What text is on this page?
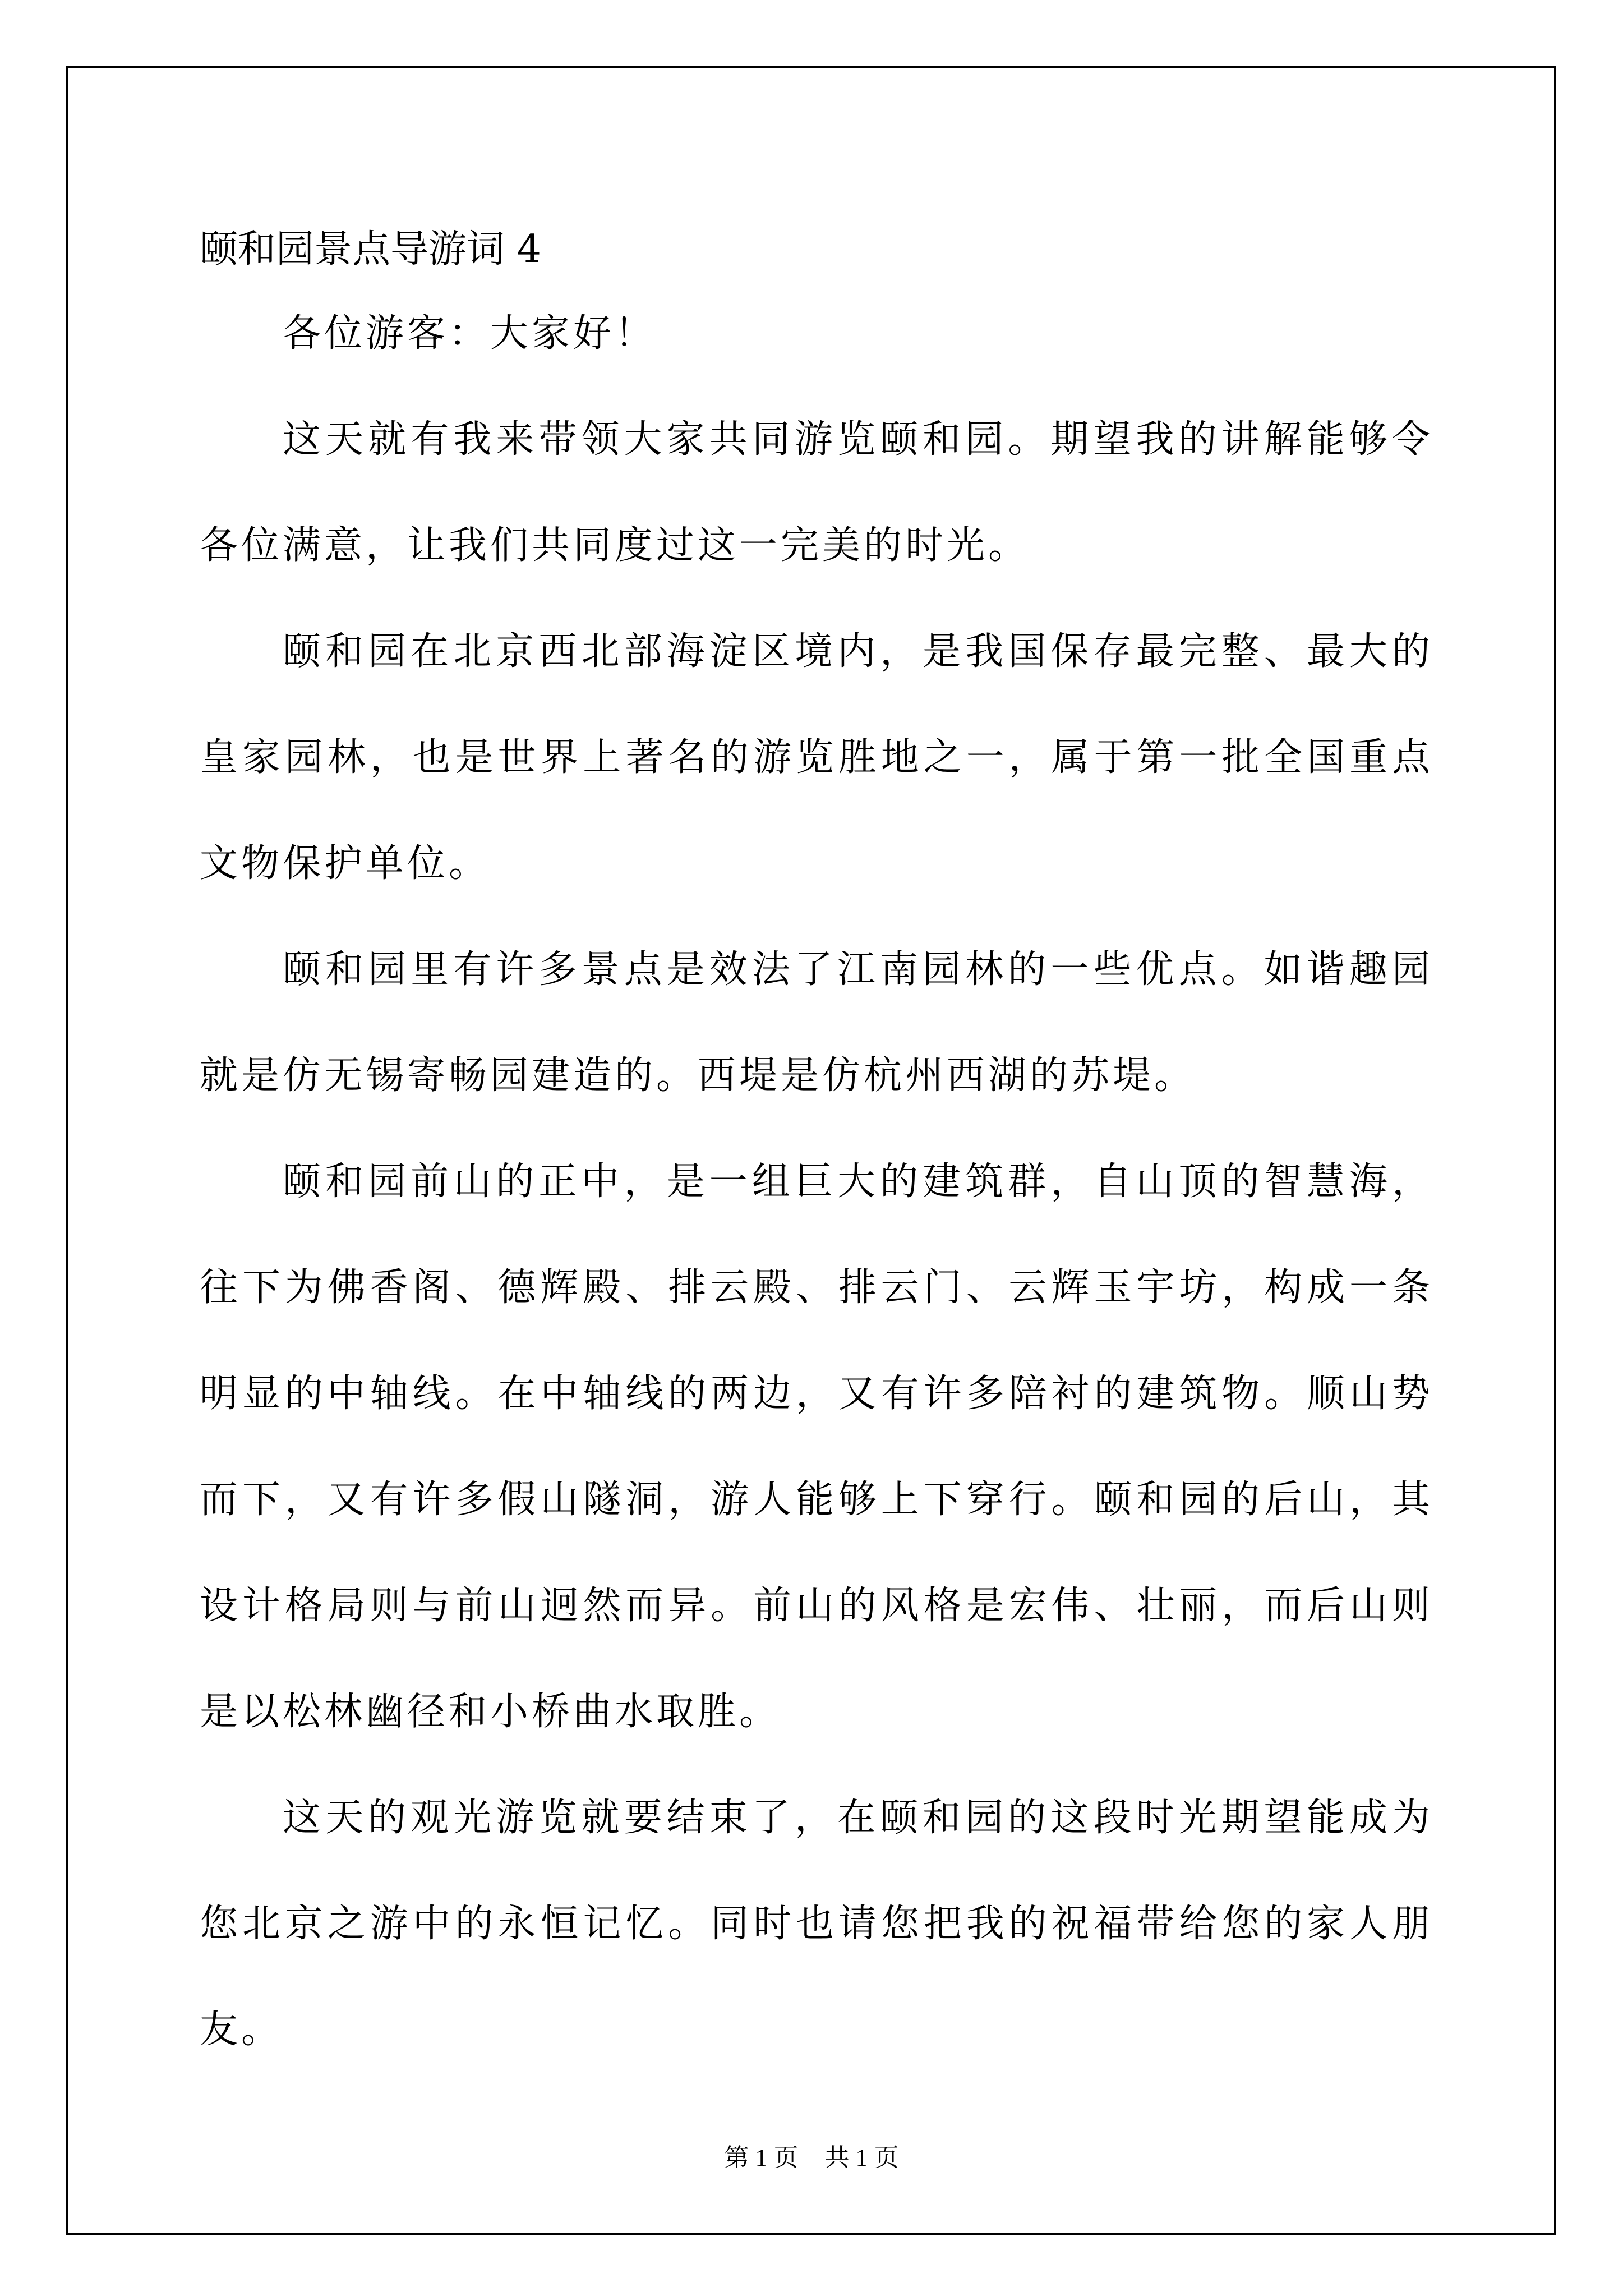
颐和园景点导游词 4

各位游客：大家好！

这天就有我来带领大家共同游览颐和园。期望我的讲解能够令各位满意，让我们共同度过这一完美的时光。

颐和园在北京西北部海淀区境内，是我国保存最完整、最大的皇家园林，也是世界上著名的游览胜地之一，属于第一批全国重点文物保护单位。

颐和园里有许多景点是效法了江南园林的一些优点。如谐趣园就是仿无锡寄畅园建造的。西堤是仿杭州西湖的苏堤。

颐和园前山的正中，是一组巨大的建筑群，自山顶的智慧海，往下为佛香阁、德辉殿、排云殿、排云门、云辉玉宇坊，构成一条明显的中轴线。在中轴线的两边，又有许多陪衬的建筑物。顺山势而下，又有许多假山隧洞，游人能够上下穿行。颐和园的后山，其设计格局则与前山迥然而异。前山的风格是宏伟、壮丽，而后山则是以松林幽径和小桥曲水取胜。

这天的观光游览就要结束了，在颐和园的这段时光期望能成为您北京之游中的永恒记忆。同时也请您把我的祝福带给您的家人朋友。

第 1 页 共 1 页
